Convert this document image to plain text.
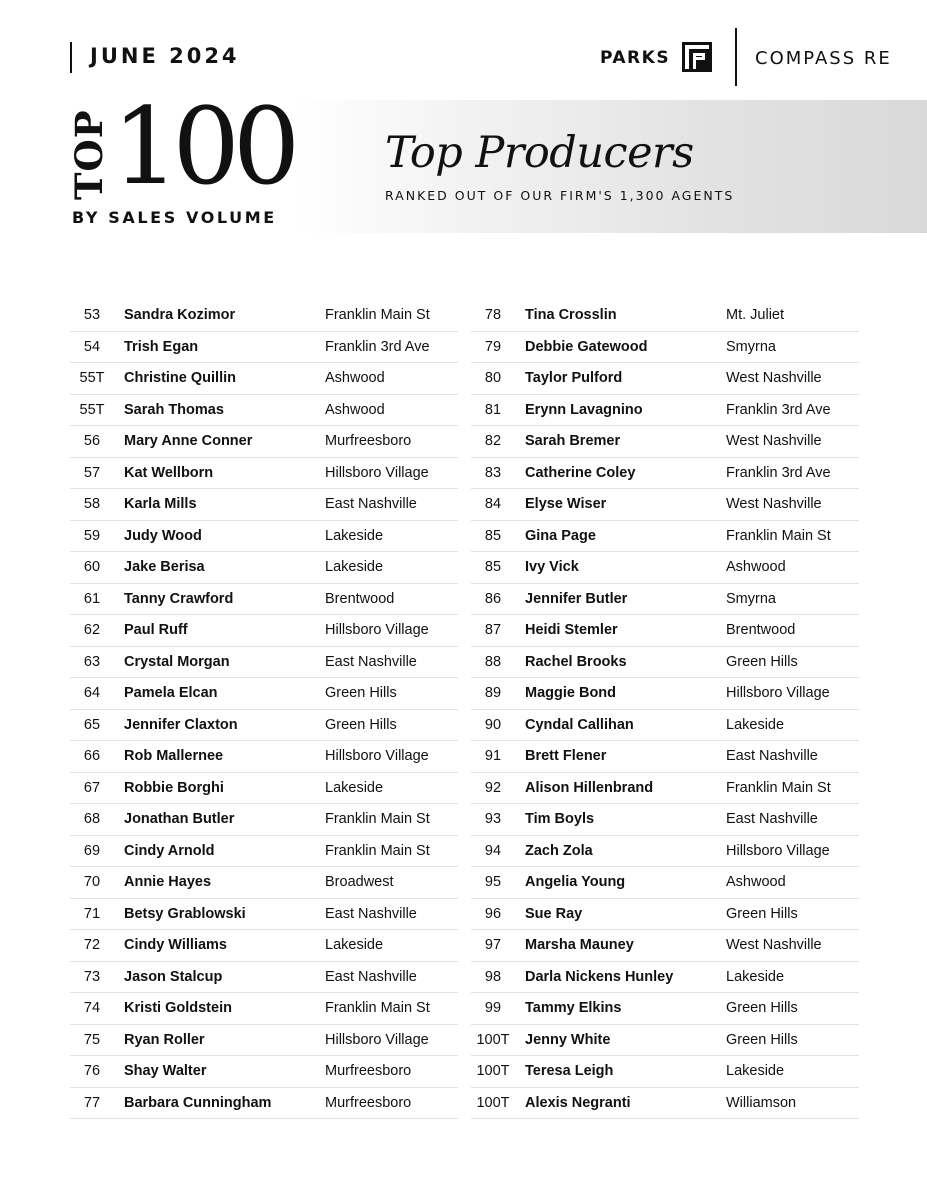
JUNE 2024	PARKS	COMPASS RE
TOP 100
BY SALES VOLUME
Top Producers
RANKED OUT OF OUR FIRM'S 1,300 AGENTS
53	Sandra Kozimor	Franklin Main St
54	Trish Egan	Franklin 3rd Ave
55T	Christine Quillin	Ashwood
55T	Sarah Thomas	Ashwood
56	Mary Anne Conner	Murfreesboro
57	Kat Wellborn	Hillsboro Village
58	Karla Mills	East Nashville
59	Judy Wood	Lakeside
60	Jake Berisa	Lakeside
61	Tanny Crawford	Brentwood
62	Paul Ruff	Hillsboro Village
63	Crystal Morgan	East Nashville
64	Pamela Elcan	Green Hills
65	Jennifer Claxton	Green Hills
66	Rob Mallernee	Hillsboro Village
67	Robbie Borghi	Lakeside
68	Jonathan Butler	Franklin Main St
69	Cindy Arnold	Franklin Main St
70	Annie Hayes	Broadwest
71	Betsy Grablowski	East Nashville
72	Cindy Williams	Lakeside
73	Jason Stalcup	East Nashville
74	Kristi Goldstein	Franklin Main St
75	Ryan Roller	Hillsboro Village
76	Shay Walter	Murfreesboro
77	Barbara Cunningham	Murfreesboro
78	Tina Crosslin	Mt. Juliet
79	Debbie Gatewood	Smyrna
80	Taylor Pulford	West Nashville
81	Erynn Lavagnino	Franklin 3rd Ave
82	Sarah Bremer	West Nashville
83	Catherine Coley	Franklin 3rd Ave
84	Elyse Wiser	West Nashville
85	Gina Page	Franklin Main St
85	Ivy Vick	Ashwood
86	Jennifer Butler	Smyrna
87	Heidi Stemler	Brentwood
88	Rachel Brooks	Green Hills
89	Maggie Bond	Hillsboro Village
90	Cyndal Callihan	Lakeside
91	Brett Flener	East Nashville
92	Alison Hillenbrand	Franklin Main St
93	Tim Boyls	East Nashville
94	Zach Zola	Hillsboro Village
95	Angelia Young	Ashwood
96	Sue Ray	Green Hills
97	Marsha Mauney	West Nashville
98	Darla Nickens Hunley	Lakeside
99	Tammy Elkins	Green Hills
100T	Jenny White	Green Hills
100T	Teresa Leigh	Lakeside
100T	Alexis Negranti	Williamson
